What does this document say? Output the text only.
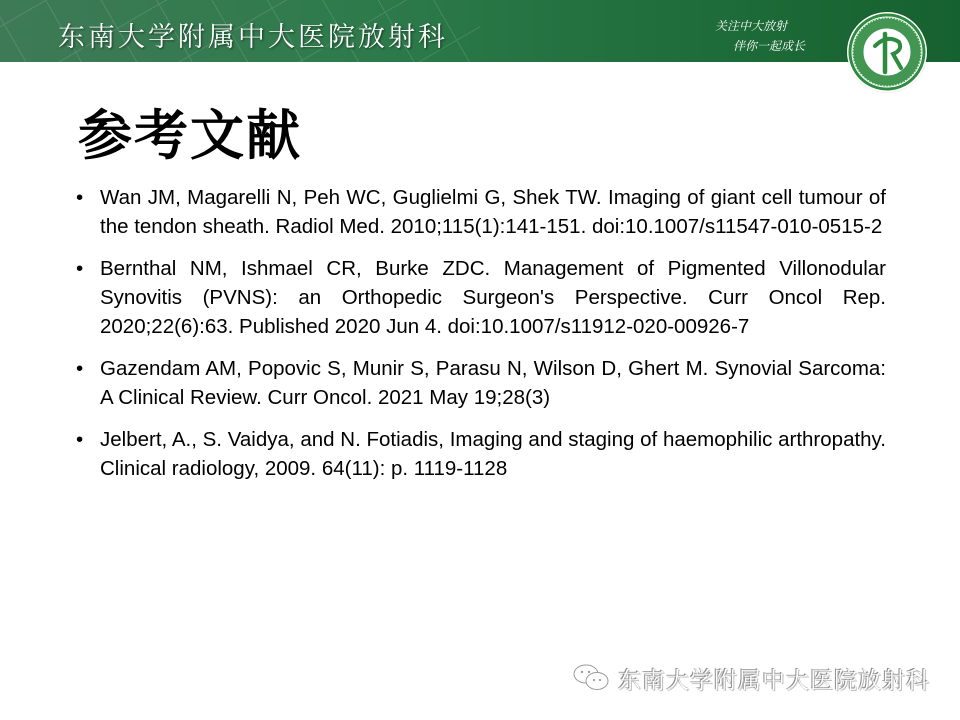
东南大学附属中大医院放射科	关注中大放射
伴你一起成长
参考文献
• Wan JM, Magarelli N, Peh WC, Guglielmi G, Shek TW. Imaging of giant cell tumour of the tendon sheath. Radiol Med. 2010;115(1):141-151. doi:10.1007/s11547-010-0515-2
• Bernthal NM, Ishmael CR, Burke ZDC. Management of Pigmented Villonodular Synovitis (PVNS): an Orthopedic Surgeon's Perspective. Curr Oncol Rep. 2020;22(6):63. Published 2020 Jun 4. doi:10.1007/s11912-020-00926-7
• Gazendam AM, Popovic S, Munir S, Parasu N, Wilson D, Ghert M. Synovial Sarcoma: A Clinical Review. Curr Oncol. 2021 May 19;28(3)
• Jelbert, A., S. Vaidya, and N. Fotiadis, Imaging and staging of haemophilic arthropathy. Clinical radiology, 2009. 64(11): p. 1119-1128
东南大学附属中大医院放射科
